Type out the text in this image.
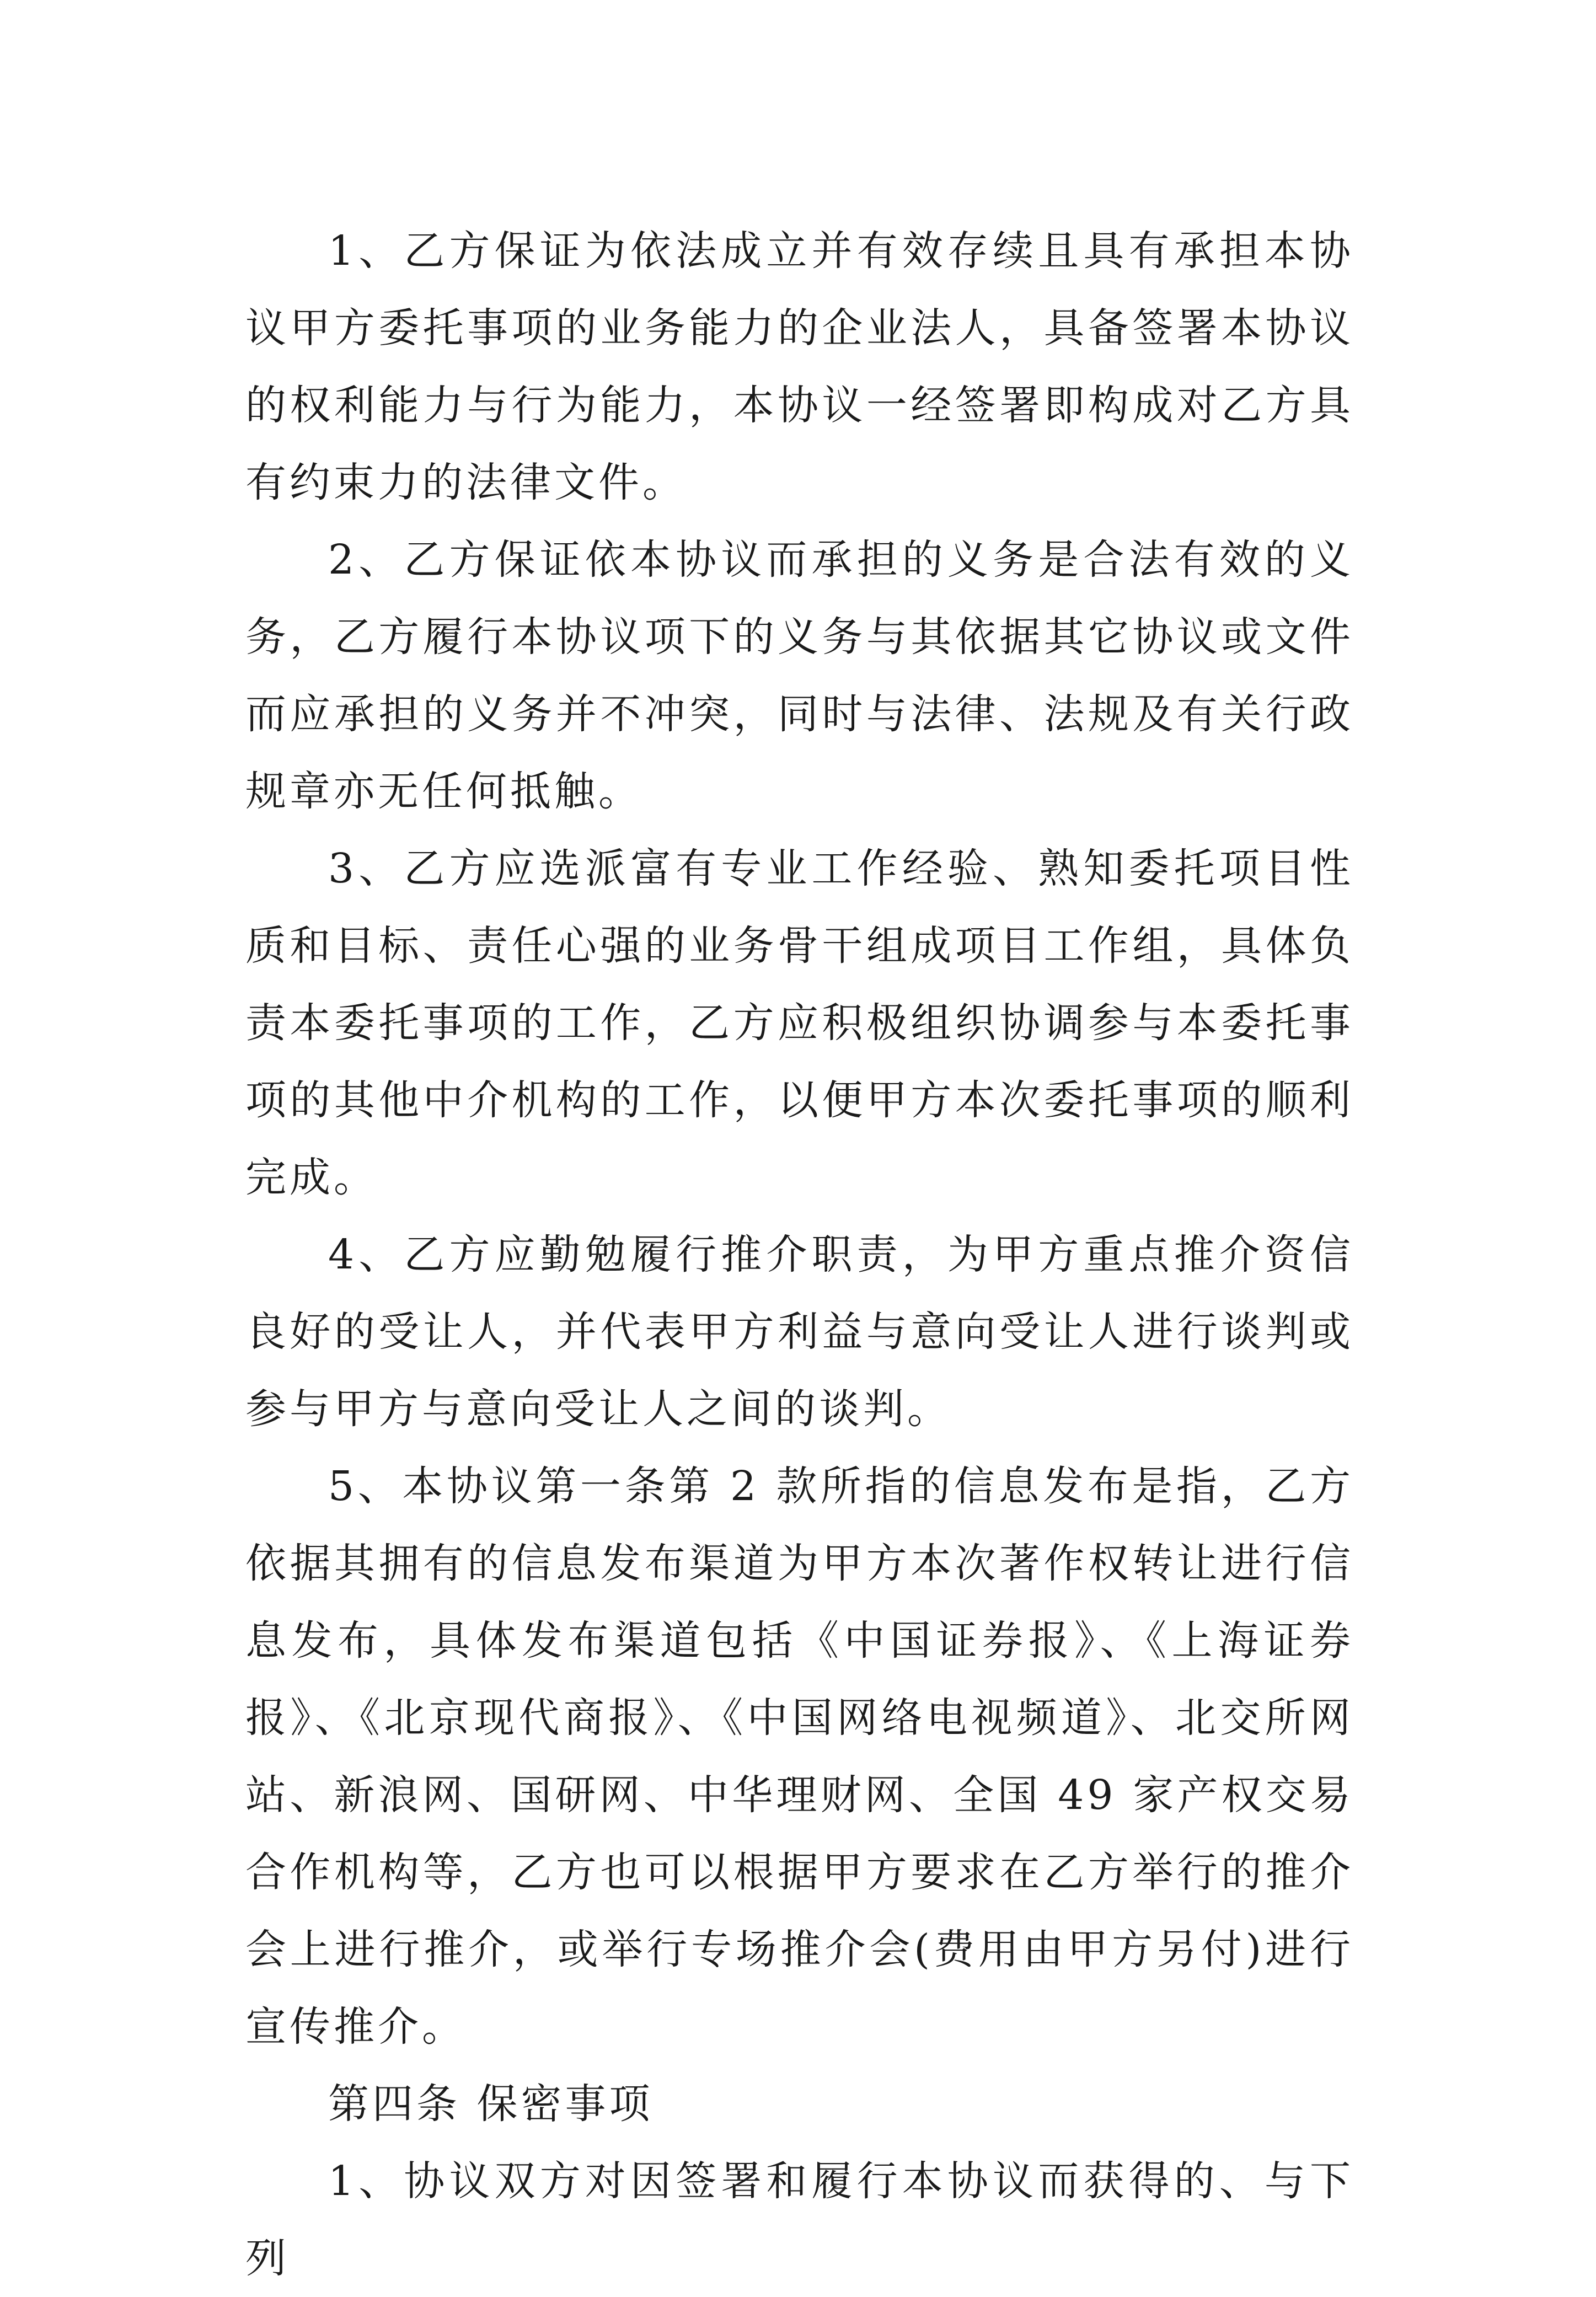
1、乙方保证为依法成立并有效存续且具有承担本协议甲方委托事项的业务能力的企业法人，具备签署本协议的权利能力与行为能力，本协议一经签署即构成对乙方具有约束力的法律文件。

2、乙方保证依本协议而承担的义务是合法有效的义务，乙方履行本协议项下的义务与其依据其它协议或文件而应承担的义务并不冲突，同时与法律、法规及有关行政规章亦无任何抵触。

3、乙方应选派富有专业工作经验、熟知委托项目性质和目标、责任心强的业务骨干组成项目工作组，具体负责本委托事项的工作，乙方应积极组织协调参与本委托事项的其他中介机构的工作，以便甲方本次委托事项的顺利完成。

4、乙方应勤勉履行推介职责，为甲方重点推介资信良好的受让人，并代表甲方利益与意向受让人进行谈判或参与甲方与意向受让人之间的谈判。

5、本协议第一条第 2 款所指的信息发布是指，乙方依据其拥有的信息发布渠道为甲方本次著作权转让进行信息发布，具体发布渠道包括《中国证券报》、《上海证券报》、《北京现代商报》、《中国网络电视频道》、北交所网站、新浪网、国研网、中华理财网、全国 49 家产权交易合作机构等，乙方也可以根据甲方要求在乙方举行的推介会上进行推介，或举行专场推介会(费用由甲方另付)进行宣传推介。

第四条 保密事项

1、协议双方对因签署和履行本协议而获得的、与下列
